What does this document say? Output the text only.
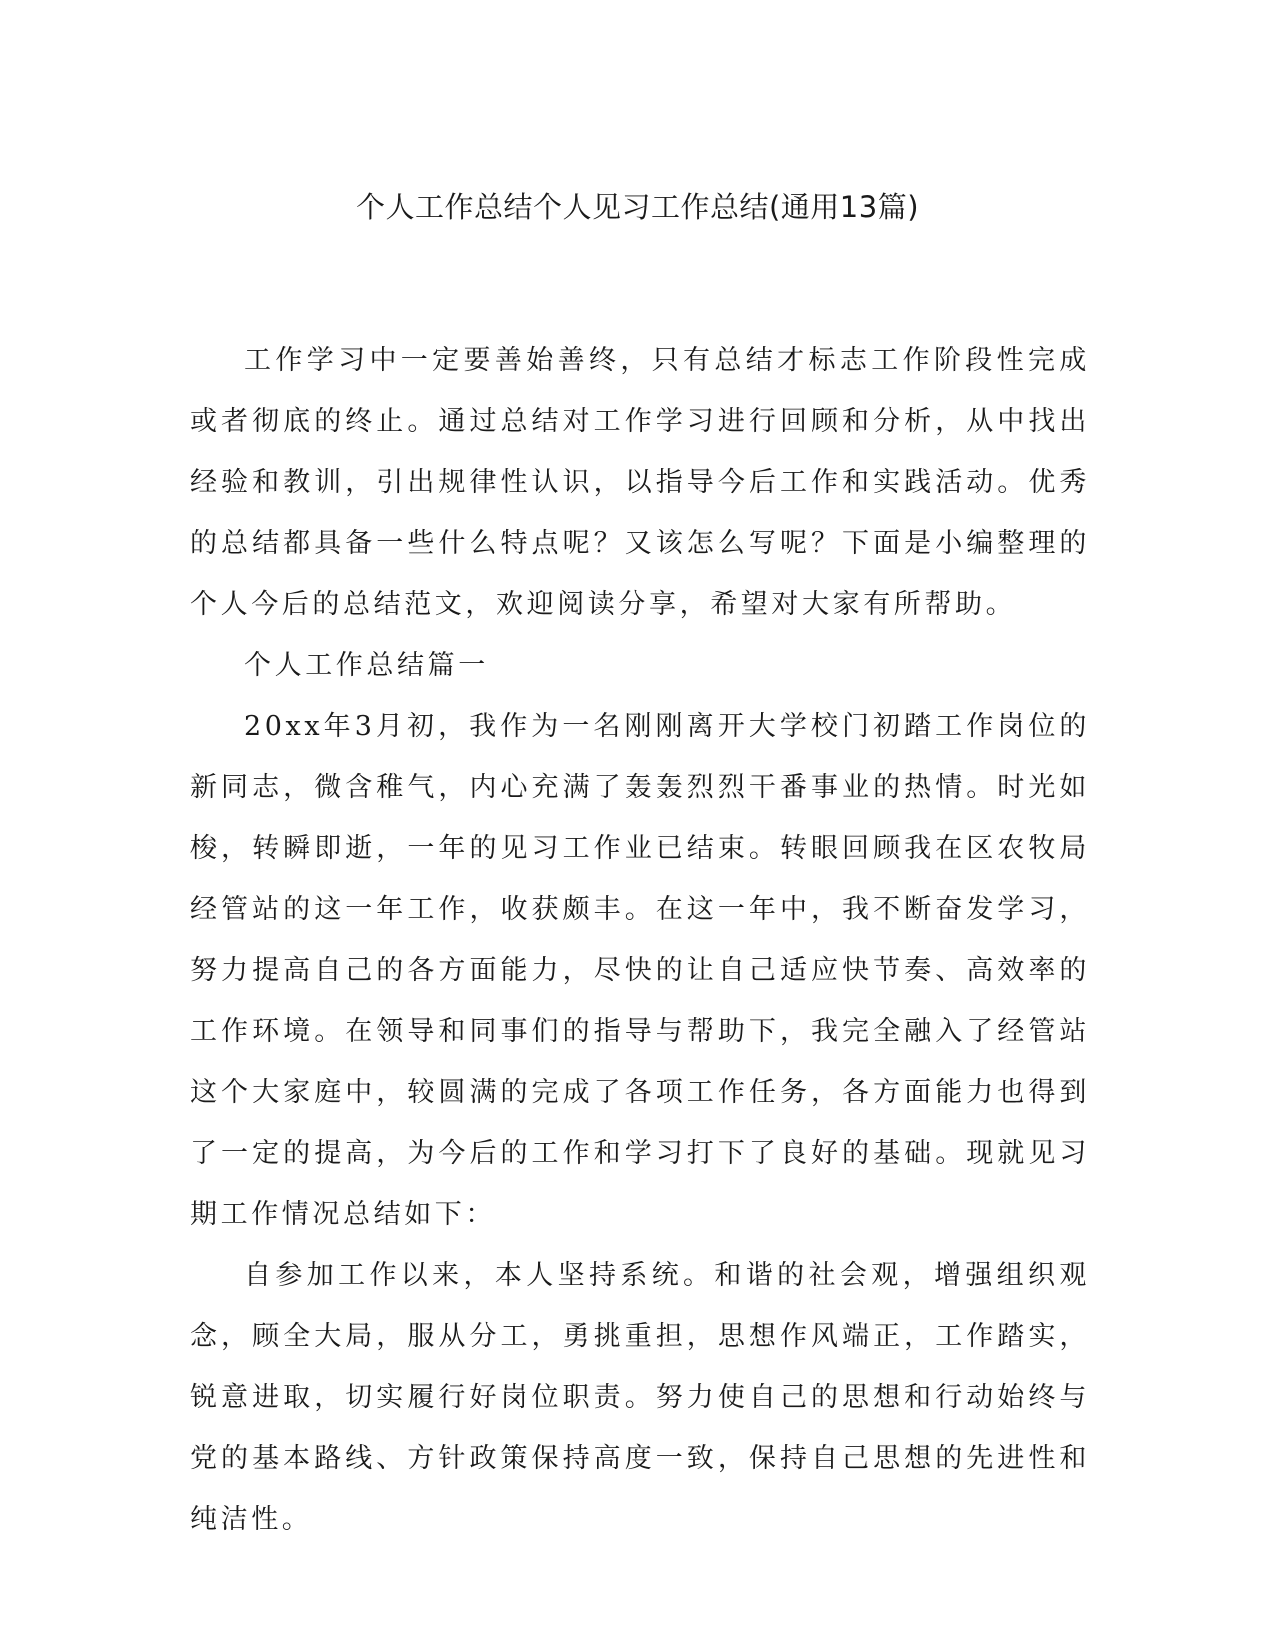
个人工作总结个人见习工作总结(通用13篇)

工作学习中一定要善始善终，只有总结才标志工作阶段性完成或者彻底的终止。通过总结对工作学习进行回顾和分析，从中找出经验和教训，引出规律性认识，以指导今后工作和实践活动。优秀的总结都具备一些什么特点呢？又该怎么写呢？下面是小编整理的个人今后的总结范文，欢迎阅读分享，希望对大家有所帮助。

个人工作总结篇一

20xx年3月初，我作为一名刚刚离开大学校门初踏工作岗位的新同志，微含稚气，内心充满了轰轰烈烈干番事业的热情。时光如梭，转瞬即逝，一年的见习工作业已结束。转眼回顾我在区农牧局经管站的这一年工作，收获颇丰。在这一年中，我不断奋发学习，努力提高自己的各方面能力，尽快的让自己适应快节奏、高效率的工作环境。在领导和同事们的指导与帮助下，我完全融入了经管站这个大家庭中，较圆满的完成了各项工作任务，各方面能力也得到了一定的提高，为今后的工作和学习打下了良好的基础。现就见习期工作情况总结如下：

自参加工作以来，本人坚持系统。和谐的社会观，增强组织观念，顾全大局，服从分工，勇挑重担，思想作风端正，工作踏实，锐意进取，切实履行好岗位职责。努力使自己的思想和行动始终与党的基本路线、方针政策保持高度一致，保持自己思想的先进性和纯洁性。
